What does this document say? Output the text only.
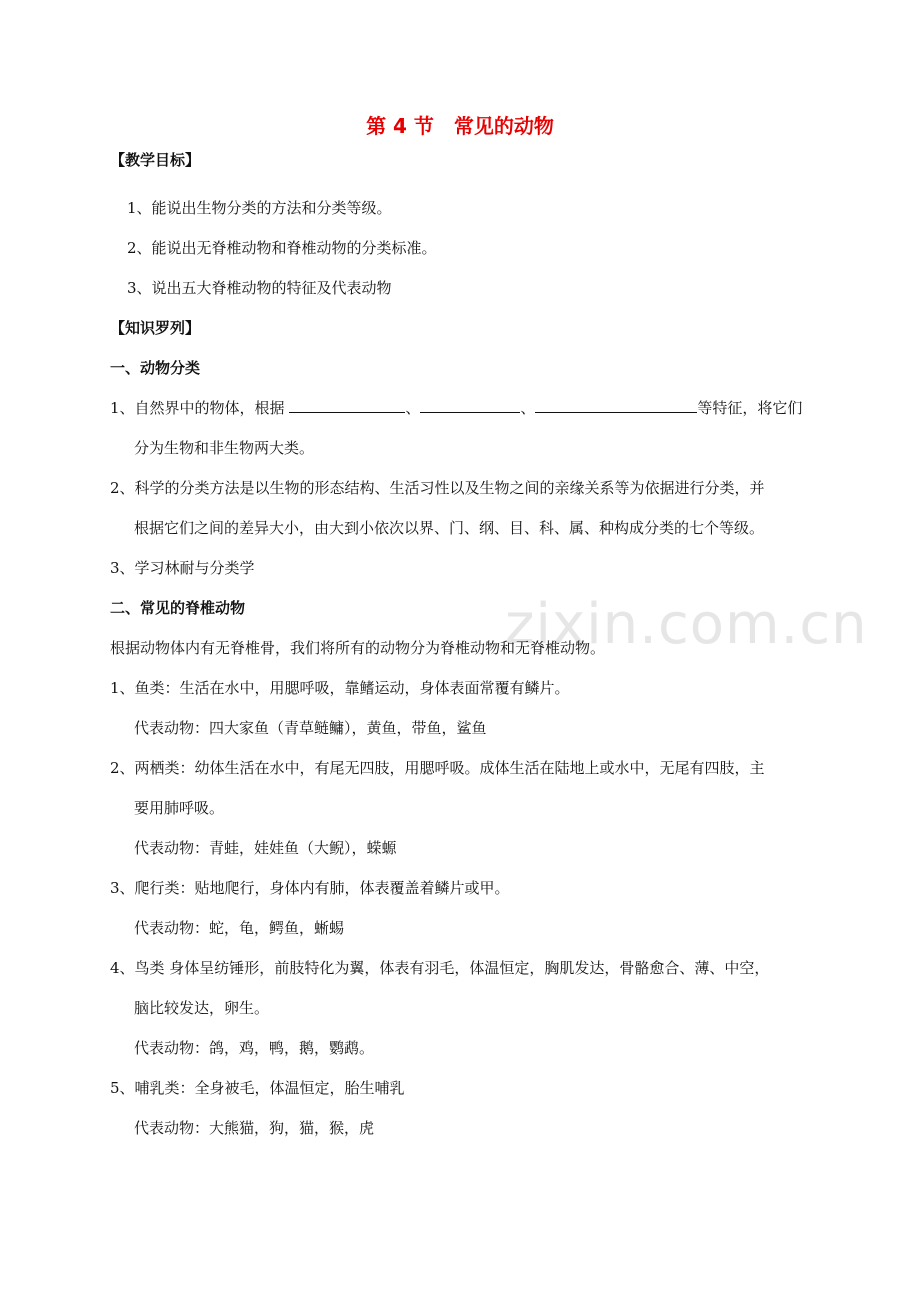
zixin.com.cn
第 4 节　常见的动物
【教学目标】
1、能说出生物分类的方法和分类等级。
2、能说出无脊椎动物和脊椎动物的分类标准。
3、说出五大脊椎动物的特征及代表动物
【知识罗列】
一、动物分类
1、自然界中的物体，根据	、	、	等特征，将它们
分为生物和非生物两大类。
2、科学的分类方法是以生物的形态结构、生活习性以及生物之间的亲缘关系等为依据进行分类，并
根据它们之间的差异大小，由大到小依次以界、门、纲、目、科、属、种构成分类的七个等级。
3、学习林耐与分类学
二、常见的脊椎动物
根据动物体内有无脊椎骨，我们将所有的动物分为脊椎动物和无脊椎动物。
1、鱼类：生活在水中，用腮呼吸，靠鳍运动，身体表面常覆有鳞片。
代表动物：四大家鱼（青草鲢鳙），黄鱼，带鱼，鲨鱼
2、两栖类：幼体生活在水中，有尾无四肢，用腮呼吸。成体生活在陆地上或水中，无尾有四肢，主
要用肺呼吸。
代表动物：青蛙，娃娃鱼（大鲵），蝾螈
3、爬行类：贴地爬行，身体内有肺，体表覆盖着鳞片或甲。
代表动物：蛇，龟，鳄鱼，蜥蜴
4、鸟类 身体呈纺锤形，前肢特化为翼，体表有羽毛，体温恒定，胸肌发达，骨骼愈合、薄、中空，
脑比较发达，卵生。
代表动物：鸽，鸡，鸭，鹅，鹦鹉。
5、哺乳类：全身被毛，体温恒定，胎生哺乳
代表动物：大熊猫，狗，猫，猴，虎
